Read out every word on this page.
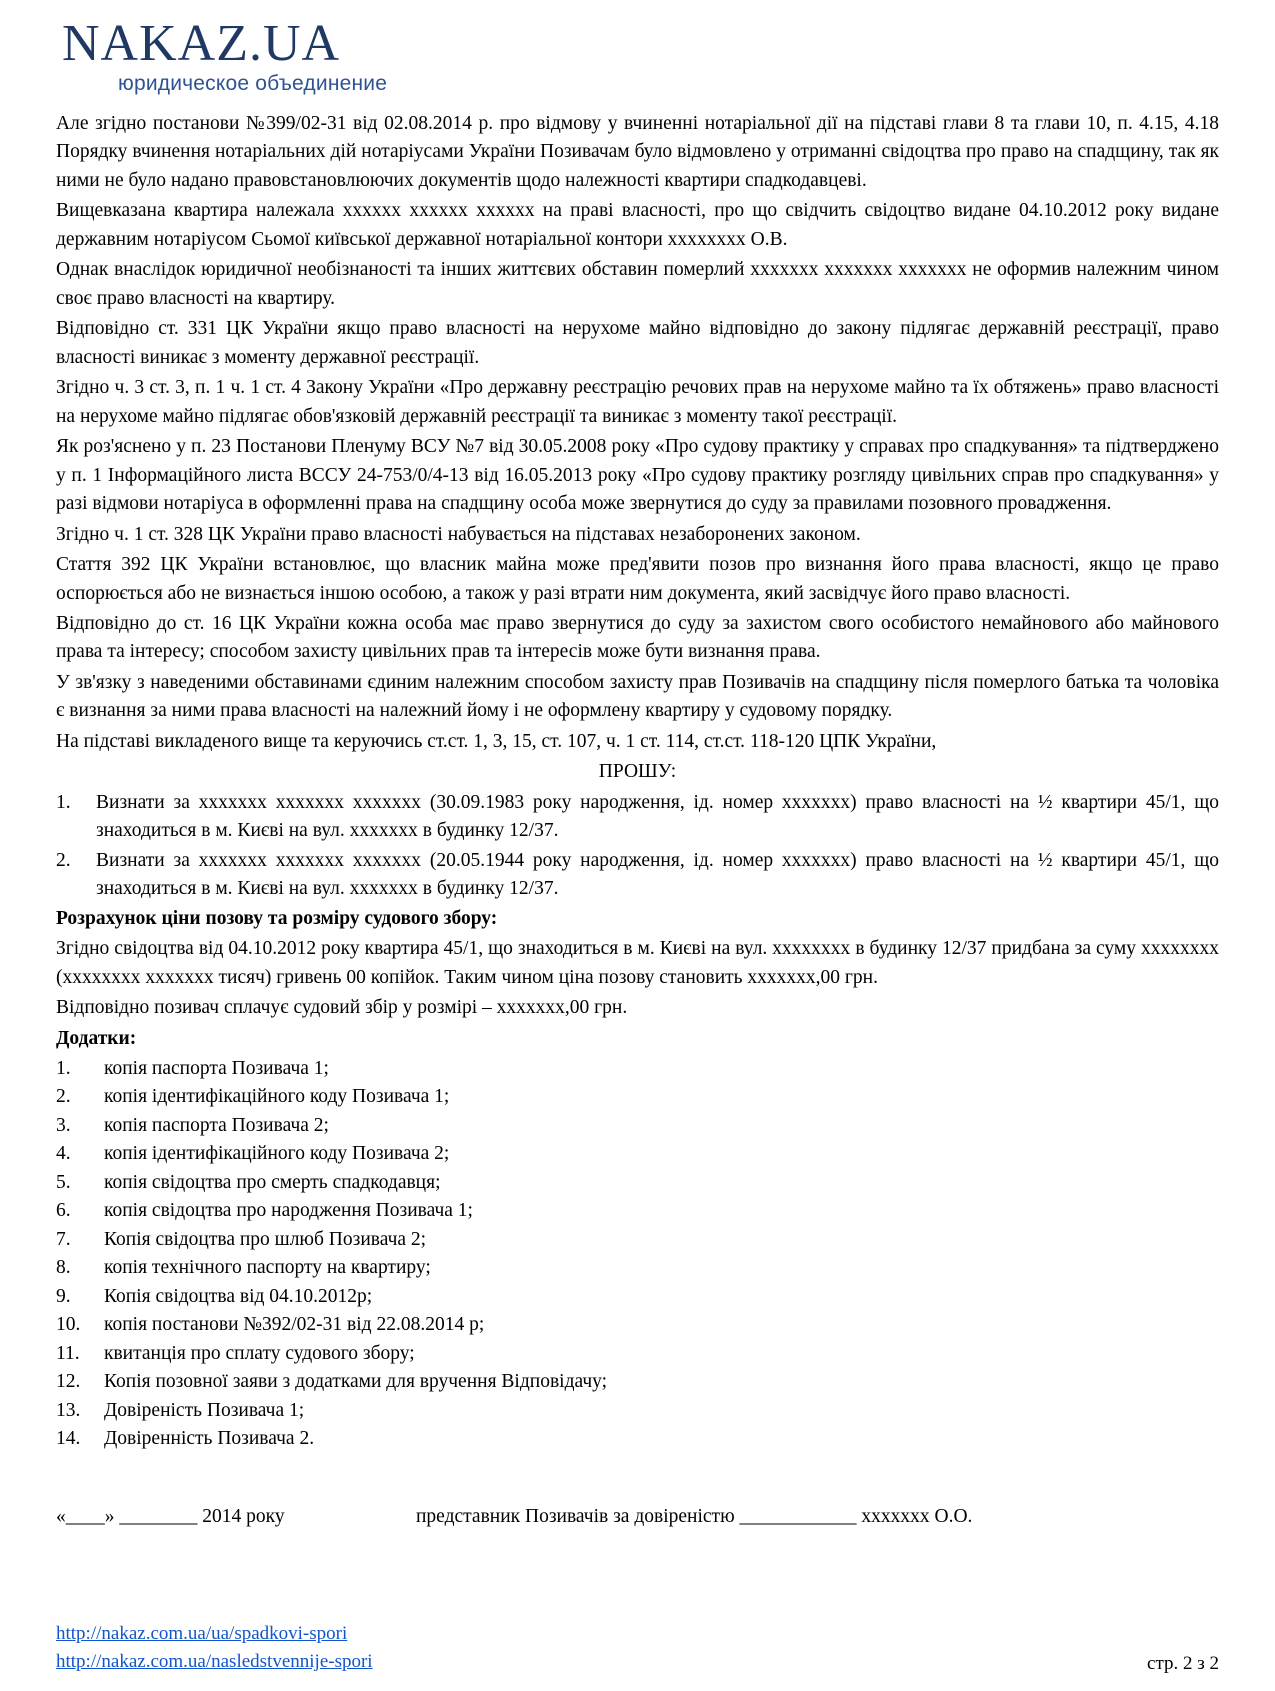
NAKAZ.UA
юридическое объединение

Але згідно постанови №399/02-31 від 02.08.2014 р. про відмову у вчиненні нотаріальної дії на підставі глави 8 та глави 10, п. 4.15, 4.18 Порядку вчинення нотаріальних дій нотаріусами України Позивачам було відмовлено у отриманні свідоцтва про право на спадщину, так як ними не було надано правовстановлюючих документів щодо належності квартири спадкодавцеві.

Вищевказана квартира належала хххххх хххххх хххххх на праві власності, про що свідчить свідоцтво видане 04.10.2012 року видане державним нотаріусом Сьомої київської державної нотаріальної контори хххххххх О.В.

Однак внаслідок юридичної необізнаності та інших життєвих обставин померлий ххххххх ххххххх ххххххх не оформив належним чином своє право власності на квартиру.

Відповідно ст. 331 ЦК України якщо право власності на нерухоме майно відповідно до закону підлягає державній реєстрації, право власності виникає з моменту державної реєстрації.

Згідно ч. 3 ст. 3, п. 1 ч. 1 ст. 4 Закону України «Про державну реєстрацію речових прав на нерухоме майно та їх обтяжень» право власності на нерухоме майно підлягає обов'язковій державній реєстрації та виникає з моменту такої реєстрації.

Як роз'яснено у п. 23 Постанови Пленуму ВСУ №7 від 30.05.2008 року «Про судову практику у справах про спадкування» та підтверджено у п. 1 Інформаційного листа ВССУ 24-753/0/4-13 від 16.05.2013 року «Про судову практику розгляду цивільних справ про спадкування» у разі відмови нотаріуса в оформленні права на спадщину особа може звернутися до суду за правилами позовного провадження.

Згідно ч. 1 ст. 328 ЦК України право власності набувається на підставах незаборонених законом.

Стаття 392 ЦК України встановлює, що власник майна може пред'явити позов про визнання його права власності, якщо це право оспорюється або не визнається іншою особою, а також у разі втрати ним документа, який засвідчує його право власності.

Відповідно до ст. 16 ЦК України кожна особа має право звернутися до суду за захистом свого особистого немайнового або майнового права та інтересу; способом захисту цивільних прав та інтересів може бути визнання права.

У зв'язку з наведеними обставинами єдиним належним способом захисту прав Позивачів на спадщину після померлого батька та чоловіка є визнання за ними права власності на належний йому і не оформлену квартиру у судовому порядку.

На підставі викладеного вище та керуючись ст.ст. 1, 3, 15, ст. 107, ч. 1 ст. 114, ст.ст. 118-120 ЦПК України,

ПРОШУ:

1.	Визнати за ххххххх ххххххх ххххххх (30.09.1983 року народження, ід. номер ххххххх) право власності на ½ квартири 45/1, що знаходиться в м. Києві на вул. ххххххх в будинку 12/37.
2.	Визнати за ххххххх ххххххх ххххххх (20.05.1944 року народження, ід. номер ххххххх) право власності на ½ квартири 45/1, що знаходиться в м. Києві на вул. ххххххх в будинку 12/37.

Розрахунок ціни позову та розміру судового збору:

Згідно свідоцтва від 04.10.2012 року квартира 45/1, що знаходиться в м. Києві на вул. хххххххх в будинку 12/37 придбана за суму хххххххх (хххххххх ххххххх тисяч) гривень 00 копійок. Таким чином ціна позову становить ххххххх,00 грн.

Відповідно позивач сплачує судовий збір у розмірі – ххххххх,00 грн.

Додатки:

1.	копія паспорта Позивача 1;
2.	копія ідентифікаційного коду Позивача 1;
3.	копія паспорта Позивача 2;
4.	копія ідентифікаційного коду Позивача 2;
5.	копія свідоцтва про смерть спадкодавця;
6.	копія свідоцтва про народження Позивача 1;
7.	Копія свідоцтва про шлюб Позивача 2;
8.	копія технічного паспорту на квартиру;
9.	Копія свідоцтва від 04.10.2012р;
10.	копія постанови №392/02-31 від 22.08.2014 р;
11.	квитанція про сплату судового збору;
12.	Копія позовної заяви з додатками для вручення Відповідачу;
13.	Довіреність Позивача 1;
14.	Довіренність Позивача 2.
«____» ________ 2014 року	представник Позивачів за довіреністю ____________ ххххххх О.О.
http://nakaz.com.ua/ua/spadkovi-spori
http://nakaz.com.ua/nasledstvennije-spori	стр. 2 з 2
